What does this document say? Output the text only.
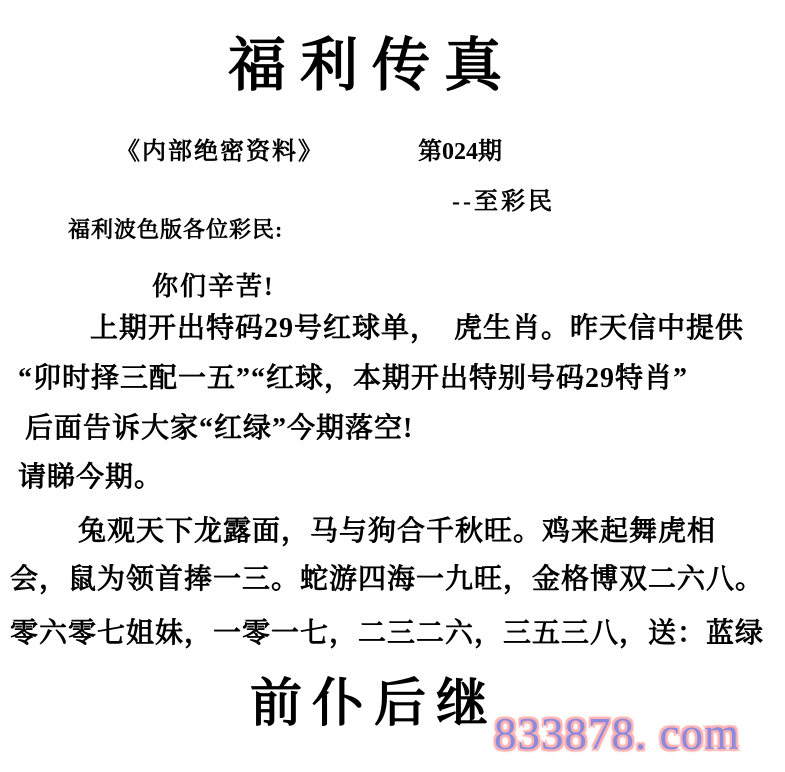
福利传真
《内部绝密资料》	第024期
--至彩民
福利波色版各位彩民:
你们辛苦!
上期开出特码29号红球单，　虎生肖。昨天信中提供
“卯时择三配一五”“红球，本期开出特别号码29特肖”
后面告诉大家“红绿”今期落空!
请睇今期。
兔观天下龙露面，马与狗合千秋旺。鸡来起舞虎相
会，鼠为领首捧一三。蛇游四海一九旺，金格博双二六八。
零六零七姐妹，一零一七，二三二六，三五三八，送：蓝绿
前仆后继
833878. com
